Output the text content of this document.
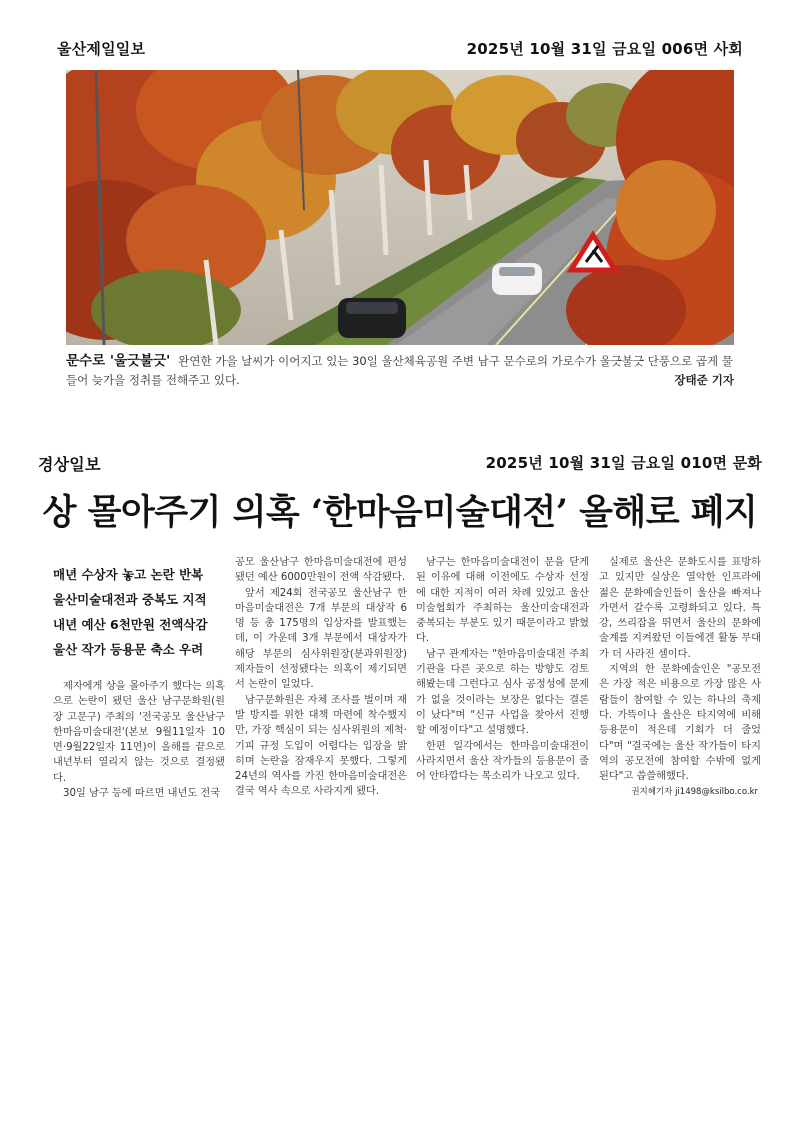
울산제일일보	2025년 10월 31일 금요일 006면 사회
문수로 '울긋불긋' 완연한 가을 날씨가 이어지고 있는 30일 울산체육공원 주변 남구 문수로의 가로수가 울긋불긋 단풍으로 곱게 물들어 늦가을 정취를 전해주고 있다.	장태준 기자
경상일보	2025년 10월 31일 금요일 010면 문화
상 몰아주기 의혹 ‘한마음미술대전’ 올해로 폐지
매년 수상자 놓고 논란 반복
울산미술대전과 중복도 지적
내년 예산 6천만원 전액삭감
울산 작가 등용문 축소 우려

제자에게 상을 몰아주기 했다는 의혹으로 논란이 됐던 울산 남구문화원(원장 고문구) 주최의 '전국공모 울산남구 한마음미술대전'(본보 9월11일자 10면·9월22일자 11면)이 올해를 끝으로 내년부터 열리지 않는 것으로 결정됐다.

30일 남구 등에 따르면 내년도 전국

공모 울산남구 한마음미술대전에 편성됐던 예산 6000만원이 전액 삭감됐다.

앞서 제24회 전국공모 울산남구 한마음미술대전은 7개 부문의 대상작 6명 등 총 175명의 입상자를 발표했는데, 이 가운데 3개 부문에서 대상자가 해당 부문의 심사위원장(분과위원장) 제자들이 선정됐다는 의혹이 제기되면서 논란이 일었다.

남구문화원은 자체 조사를 벌이며 재발 방지를 위한 대책 마련에 착수했지만, 가장 핵심이 되는 심사위원의 제척·기피 규정 도입이 어렵다는 입장을 밝히며 논란을 잠재우지 못했다. 그렇게 24년의 역사를 가진 한마음미술대전은 결국 역사 속으로 사라지게 됐다.

남구는 한마음미술대전이 문을 닫게 된 이유에 대해 이전에도 수상자 선정에 대한 지적이 여러 차례 있었고 울산미술협회가 주최하는 울산미술대전과 중복되는 부분도 있기 때문이라고 밝혔다.

남구 관계자는 "한마음미술대전 주최 기관을 다른 곳으로 하는 방향도 검토해봤는데 그런다고 심사 공정성에 문제가 없을 것이라는 보장은 없다는 결론이 났다"며 "신규 사업을 찾아서 진행할 예정이다"고 설명했다.

한편 일각에서는 한마음미술대전이 사라지면서 울산 작가들의 등용문이 줄어 안타깝다는 목소리가 나오고 있다.

실제로 울산은 문화도시를 표방하고 있지만 실상은 열악한 인프라에 젊은 문화예술인들이 울산을 빠져나가면서 갈수록 고령화되고 있다. 특강, 쓰리잡을 뛰면서 울산의 문화예술계를 지켜왔던 이들에겐 활동 무대가 더 사라진 셈이다.

지역의 한 문화예술인은 "공모전은 가장 적은 비용으로 가장 많은 사람들이 참여할 수 있는 하나의 축제다. 가뜩이나 울산은 타지역에 비해 등용문이 적은데 기회가 더 줄었다"며 "결국에는 울산 작가들이 타지역의 공모전에 참여할 수밖에 없게 된다"고 씁쓸해했다.

권지혜기자 ji1498@ksilbo.co.kr
